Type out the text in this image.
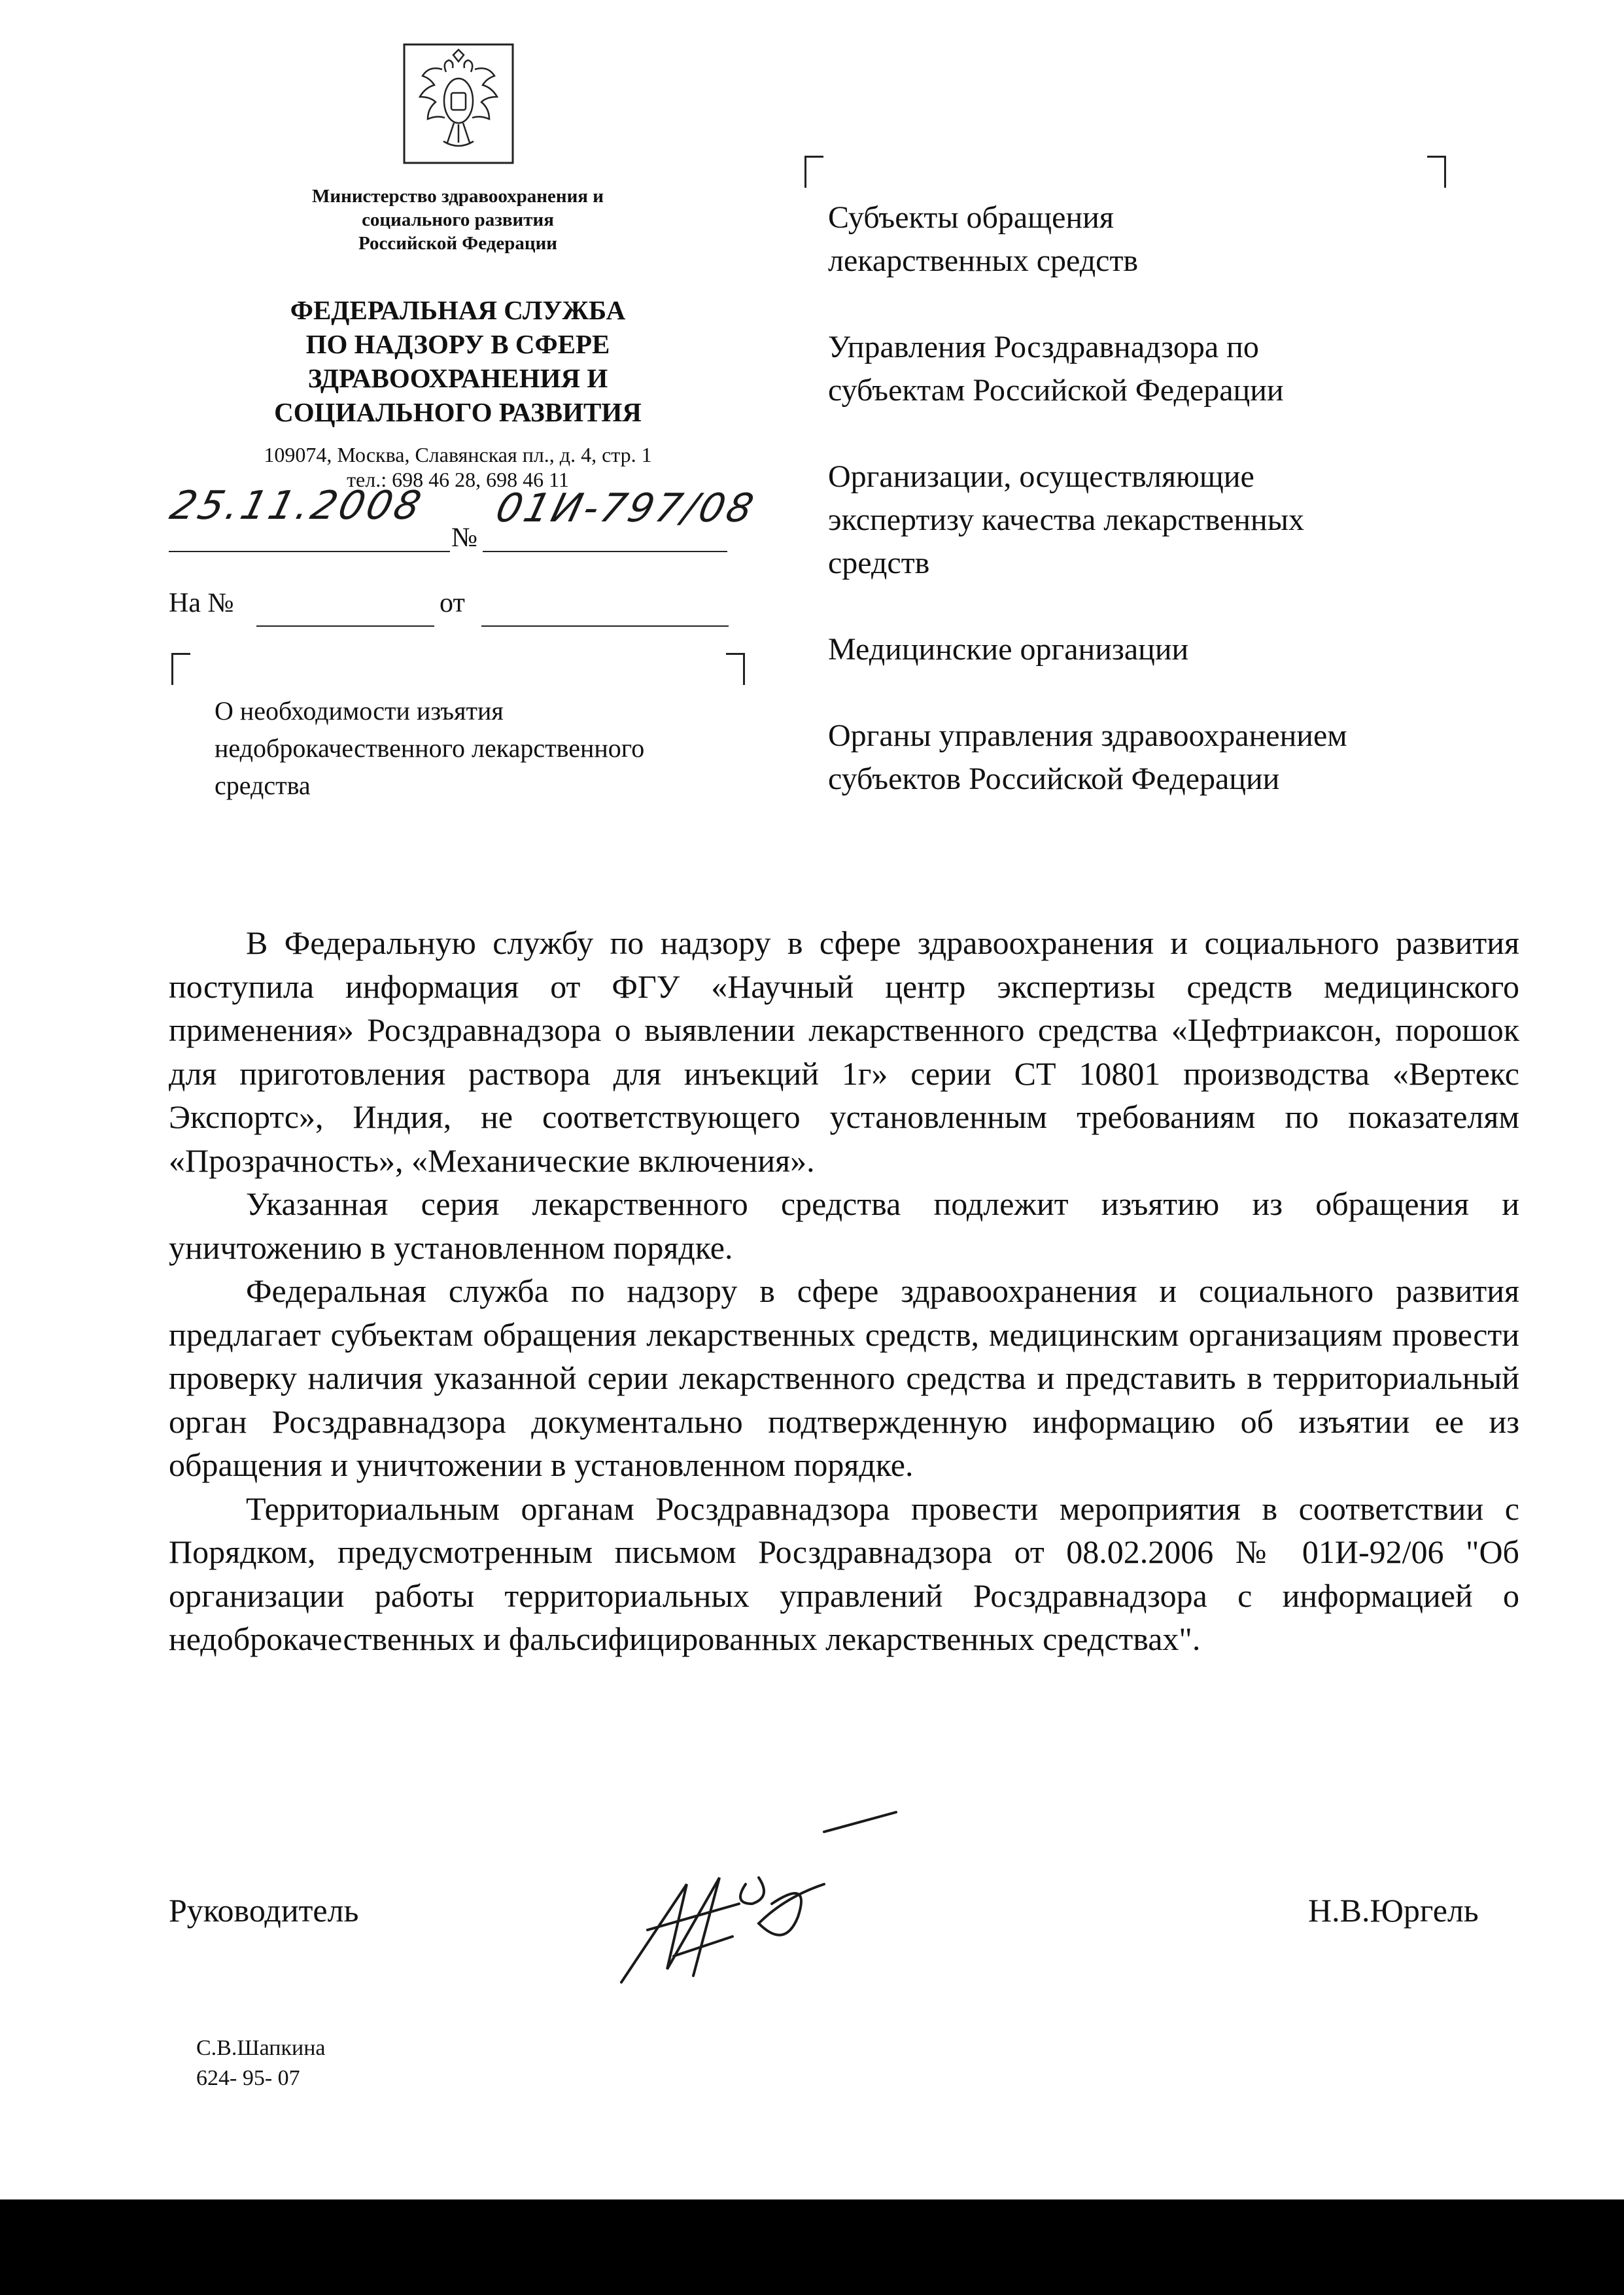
Министерство здравоохранения и
социального развития
Российской Федерации
ФЕДЕРАЛЬНАЯ СЛУЖБА
ПО НАДЗОРУ В СФЕРЕ
ЗДРАВООХРАНЕНИЯ И
СОЦИАЛЬНОГО РАЗВИТИЯ
109074, Москва, Славянская пл., д. 4, стр. 1
тел.: 698 46 28, 698 46 11
25.11.2008
№
01И-797/08
На №	от
О необходимости изъятия
недоброкачественного лекарственного
средства
Субъекты обращения
лекарственных средств
Управления Росздравнадзора по
субъектам Российской Федерации
Организации, осуществляющие
экспертизу качества лекарственных
средств
Медицинские организации
Органы управления здравоохранением
субъектов Российской Федерации

В Федеральную службу по надзору в сфере здравоохранения и социального развития поступила информация от ФГУ «Научный центр экспертизы средств медицинского применения» Росздравнадзора о выявлении лекарственного средства «Цефтриаксон, порошок для приготовления раствора для инъекций 1г» серии СТ 10801 производства «Вертекс Экспортс», Индия, не соответствующего установленным требованиям по показателям «Прозрачность», «Механические включения».

Указанная серия лекарственного средства подлежит изъятию из обращения и уничтожению в установленном порядке.

Федеральная служба по надзору в сфере здравоохранения и социального развития предлагает субъектам обращения лекарственных средств, медицинским организациям провести проверку наличия указанной серии лекарственного средства и представить в территориальный орган Росздравнадзора документально подтвержденную информацию об изъятии ее из обращения и уничтожении в установленном порядке.

Территориальным органам Росздравнадзора провести мероприятия в соответствии с Порядком, предусмотренным письмом Росздравнадзора от 08.02.2006 № 01И-92/06 "Об организации работы территориальных управлений Росздравнадзора с информацией о недоброкачественных и фальсифицированных лекарственных средствах".

Руководитель	Н.В.Юргель
С.В.Шапкина
624- 95- 07
